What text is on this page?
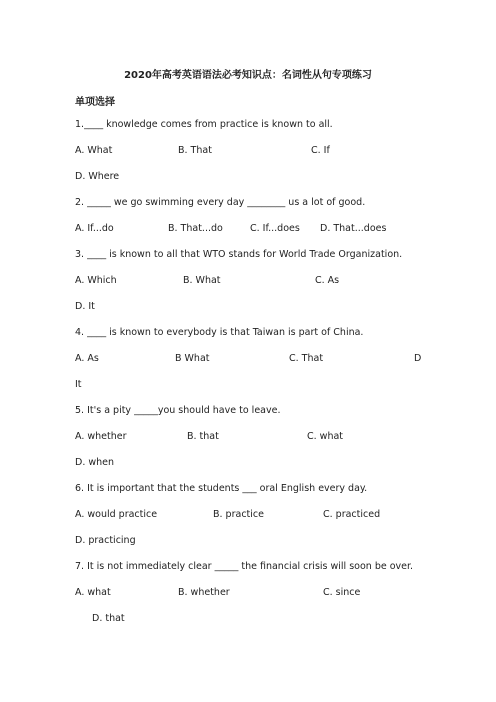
2020年高考英语语法必考知识点：名词性从句专项练习
单项选择
1.____ knowledge comes from practice is known to all.
A. What	B. That	C. If
D. Where
2. _____ we go swimming every day ________ us a lot of good.
A. If...do	B. That...do	C. If...does D. That...does
3. ____ is known to all that WTO stands for World Trade Organization.
A. Which	B. What	C. As
D. It
4. ____ is known to everybody is that Taiwan is part of China.
A. As	B What	C. That	D
It
5. It's a pity _____you should have to leave.
A. whether	B. that	C. what
D. when
6. It is important that the students ___ oral English every day.
A. would practice	B. practice	C. practiced
D. practicing
7. It is not immediately clear _____ the financial crisis will soon be over.
A. what	B. whether	C. since
D. that
